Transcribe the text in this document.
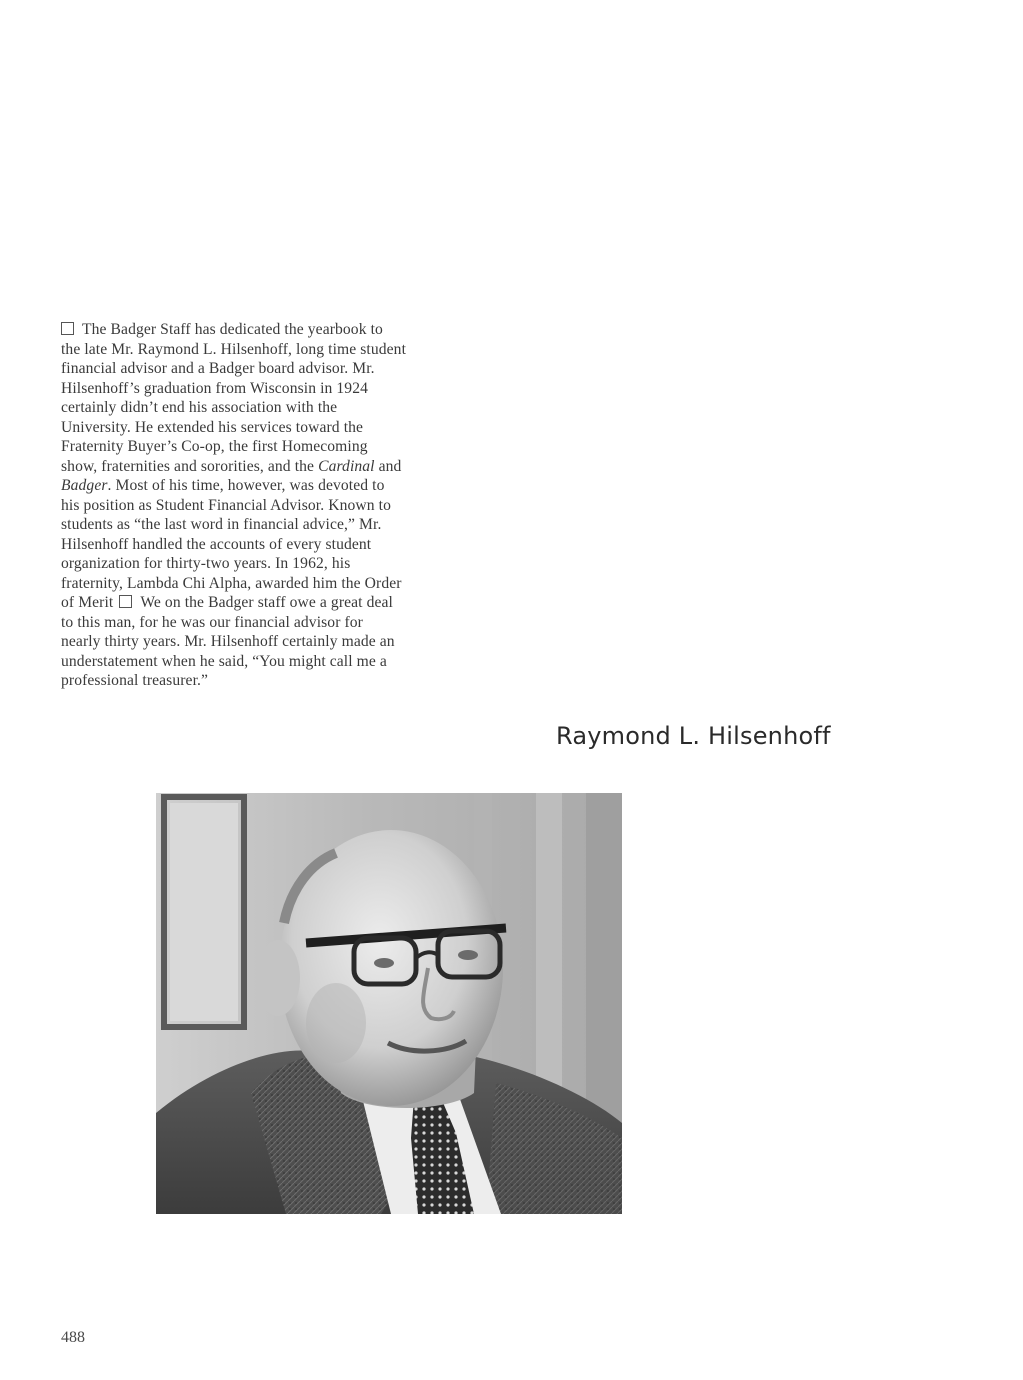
The Badger Staff has dedicated the yearbook to the late Mr. Raymond L. Hilsenhoff, long time student financial advisor and a Badger board advisor. Mr. Hilsenhoff’s graduation from Wisconsin in 1924 certainly didn’t end his association with the University. He extended his services toward the Fraternity Buyer’s Co-op, the first Homecoming show, fraternities and sororities, and the Cardinal and Badger. Most of his time, however, was devoted to his position as Student Financial Advisor. Known to students as “the last word in financial advice,” Mr. Hilsenhoff handled the accounts of every student organization for thirty-two years. In 1962, his fraternity, Lambda Chi Alpha, awarded him the Order of Merit We on the Badger staff owe a great deal to this man, for he was our financial advisor for nearly thirty years. Mr. Hilsenhoff certainly made an understatement when he said, “You might call me a professional treasurer.”

Raymond L. Hilsenhoff
488
